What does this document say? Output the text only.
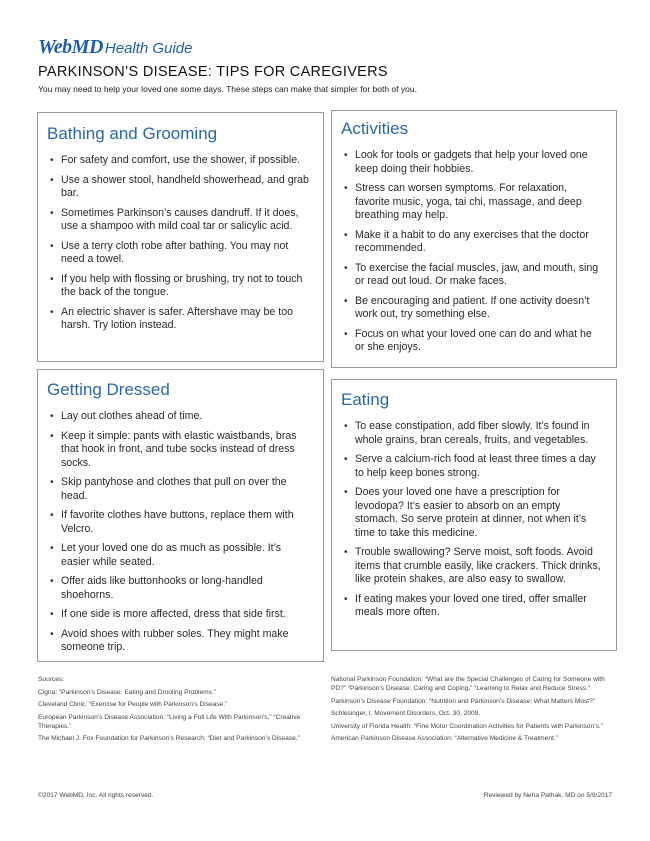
WebMD Health Guide
PARKINSON’S DISEASE: TIPS FOR CAREGIVERS
You may need to help your loved one some days. These steps can make that simpler for both of you.
Bathing and Grooming
• For safety and comfort, use the shower, if possible.
• Use a shower stool, handheld showerhead, and grab bar.
• Sometimes Parkinson’s causes dandruff. If it does, use a shampoo with mild coal tar or salicylic acid.
• Use a terry cloth robe after bathing. You may not need a towel.
• If you help with flossing or brushing, try not to touch the back of the tongue.
• An electric shaver is safer. Aftershave may be too harsh. Try lotion instead.
Activities
• Look for tools or gadgets that help your loved one keep doing their hobbies.
• Stress can worsen symptoms. For relaxation, favorite music, yoga, tai chi, massage, and deep breathing may help.
• Make it a habit to do any exercises that the doctor recommended.
• To exercise the facial muscles, jaw, and mouth, sing or read out loud. Or make faces.
• Be encouraging and patient. If one activity doesn’t work out, try something else.
• Focus on what your loved one can do and what he or she enjoys.
Getting Dressed
• Lay out clothes ahead of time.
• Keep it simple: pants with elastic waistbands, bras that hook in front, and tube socks instead of dress socks.
• Skip pantyhose and clothes that pull on over the head.
• If favorite clothes have buttons, replace them with Velcro.
• Let your loved one do as much as possible. It’s easier while seated.
• Offer aids like buttonhooks or long-handled shoehorns.
• If one side is more affected, dress that side first.
• Avoid shoes with rubber soles. They might make someone trip.
Eating
• To ease constipation, add fiber slowly. It’s found in whole grains, bran cereals, fruits, and vegetables.
• Serve a calcium-rich food at least three times a day to help keep bones strong.
• Does your loved one have a prescription for levodopa? It’s easier to absorb on an empty stomach. So serve protein at dinner, not when it’s time to take this medicine.
• Trouble swallowing? Serve moist, soft foods. Avoid items that crumble easily, like crackers. Thick drinks, like protein shakes, are also easy to swallow.
• If eating makes your loved one tired, offer smaller meals more often.

Sources:

Cigna: “Parkinson’s Disease: Eating and Drooling Problems.”

Cleveland Clinic: “Exercise for People with Parkinson’s Disease.”

European Parkinson’s Disease Association: “Living a Full Life With Parkinson’s,” “Creative Therapies.”

The Michael J. Fox Foundation for Parkinson’s Research: “Diet and Parkinson’s Disease.”

National Parkinson Foundation: “What are the Special Challenges of Caring for Someone with PD?” “Parkinson’s Disease: Caring and Coping,” “Learning to Relax and Reduce Stress.”

Parkinson’s Disease Foundation: “Nutrition and Parkinson’s Disease: What Matters Most?”

Schlesinger, I. Movement Disorders, Oct. 30, 2009.

University of Florida Health: “Fine Motor Coordination Activities for Patients with Parkinson’s.”

American Parkinson Disease Association: “Alternative Medicine & Treatment.”

©2017 WebMD, Inc. All rights reserved.	Reviewed by Neha Pathak, MD on 5/9/2017
